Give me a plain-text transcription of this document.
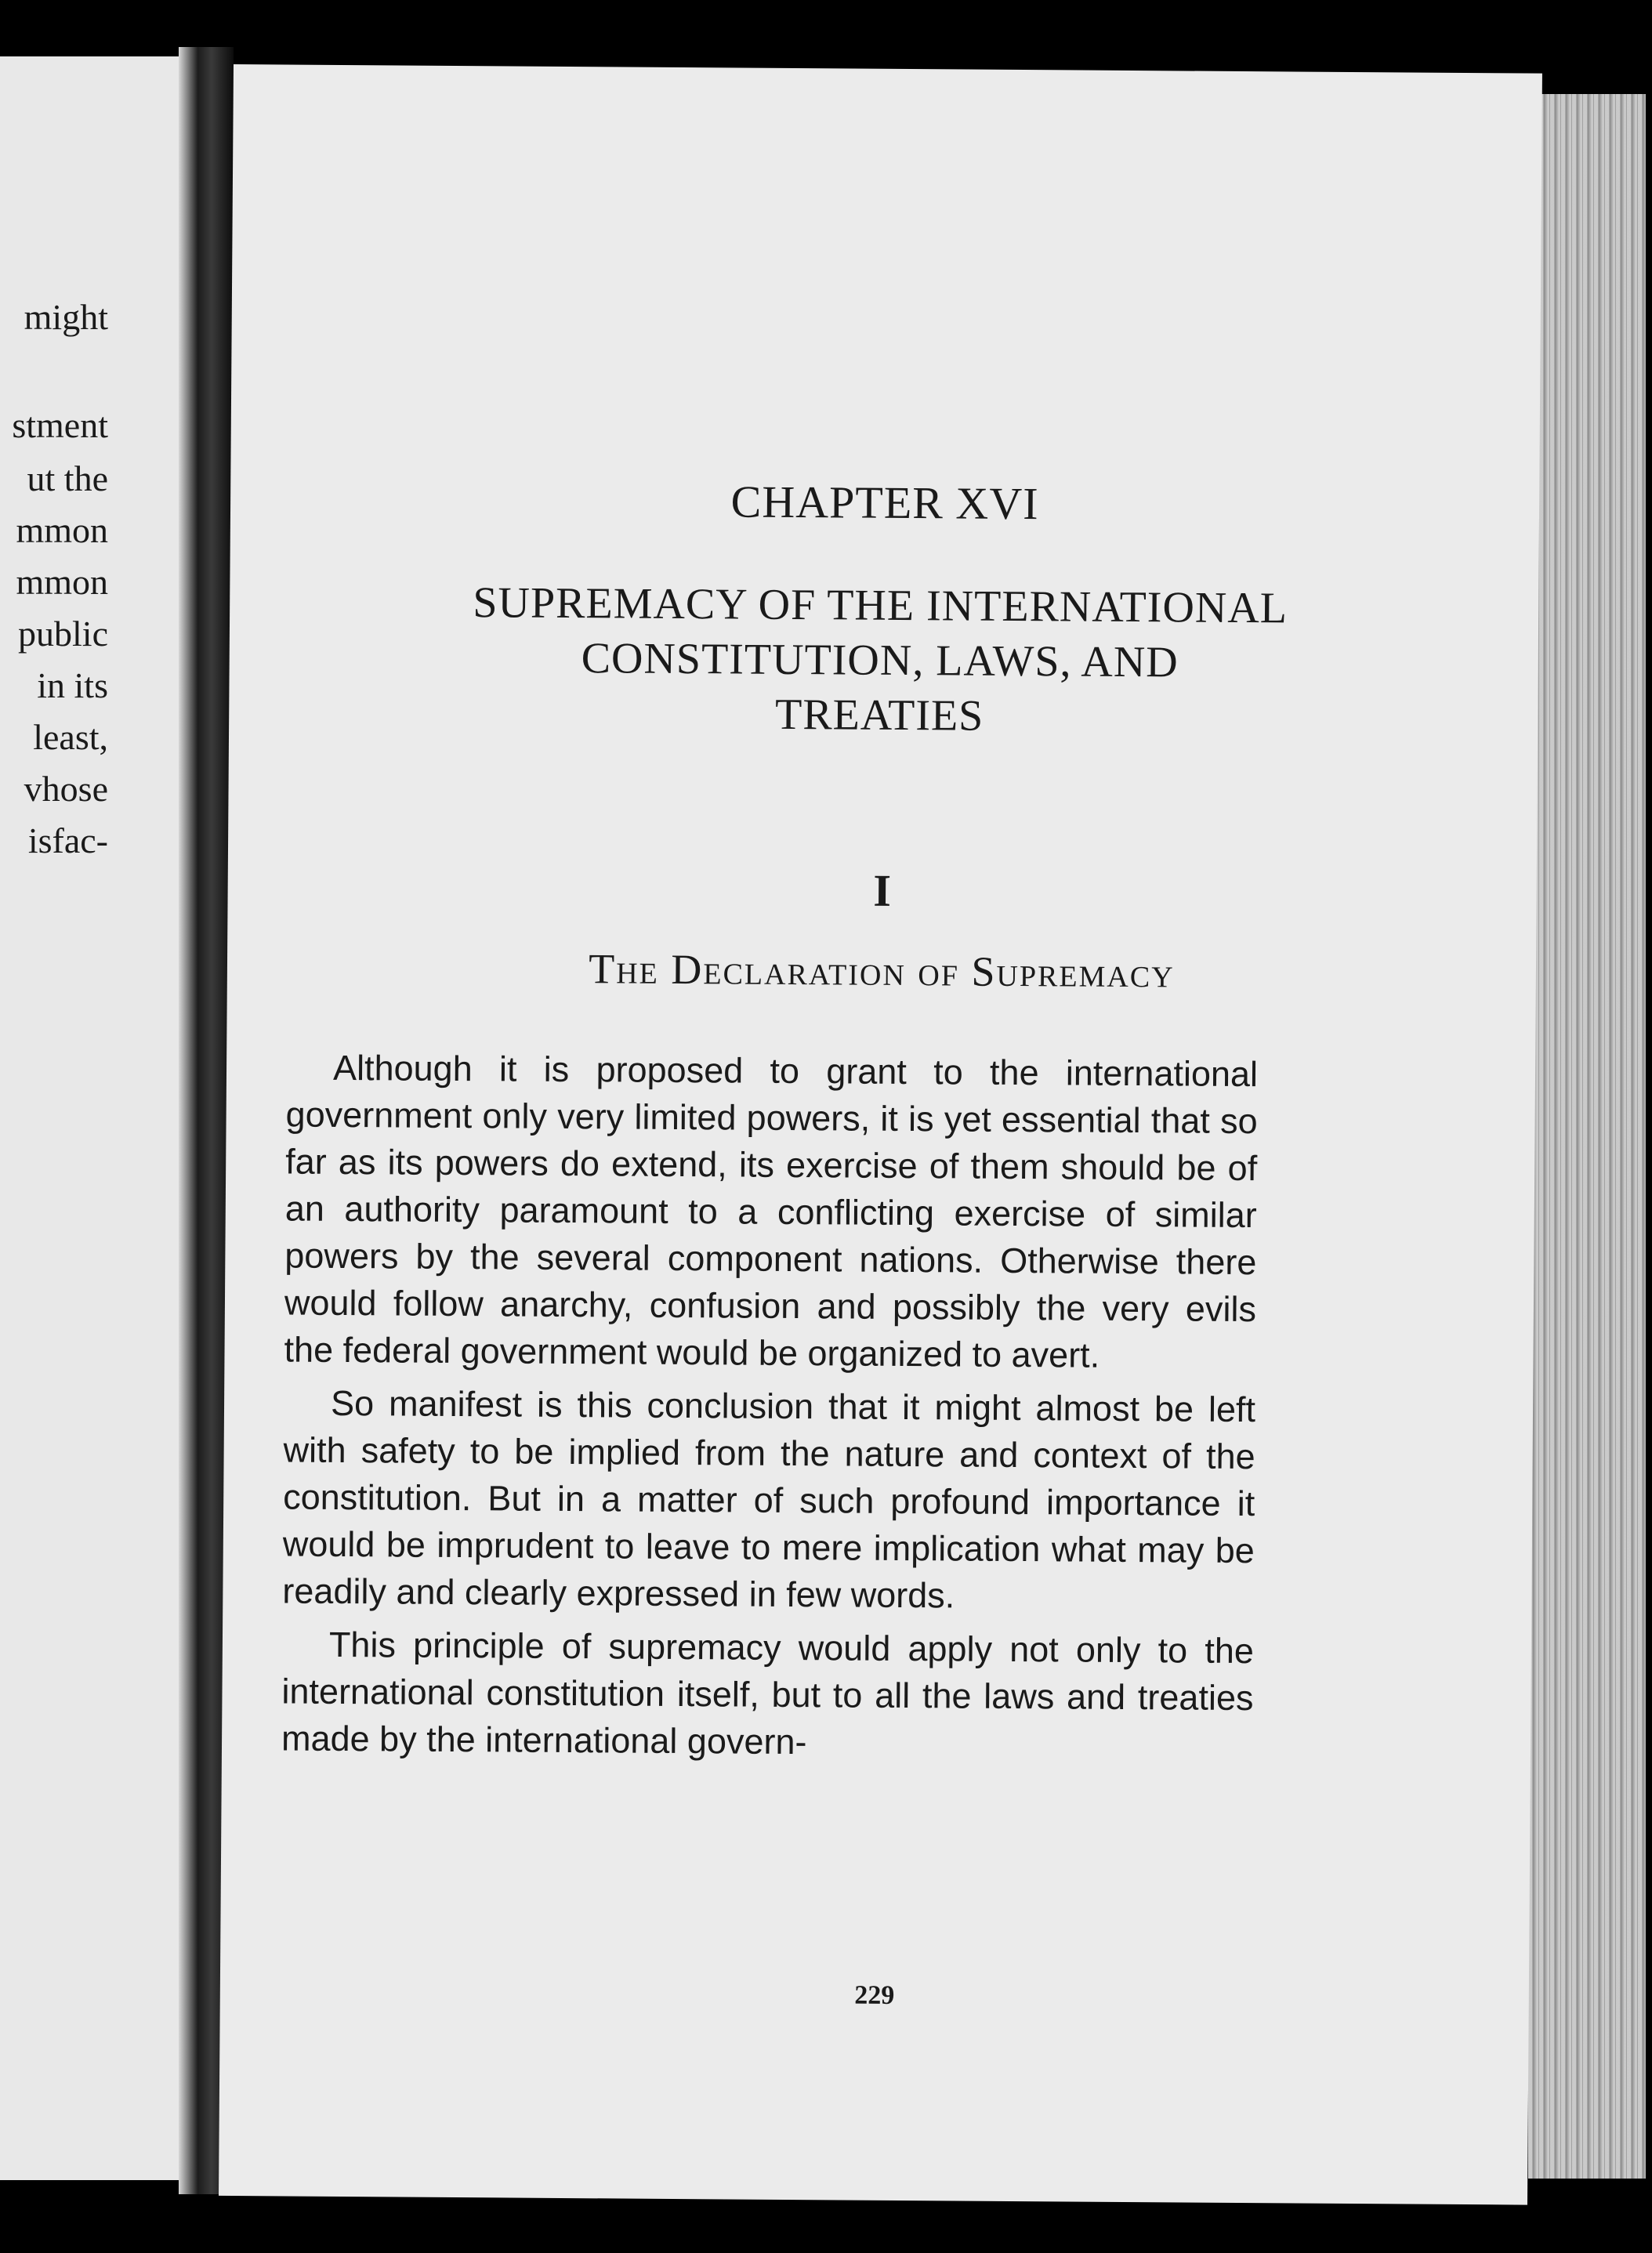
might
stment
ut the
mmon
mmon
public
in its
least,
vhose
isfac-
CHAPTER XVI
SUPREMACY OF THE INTERNATIONAL
CONSTITUTION, LAWS, AND
TREATIES
I
The Declaration of Supremacy

Although it is proposed to grant to the international government only very limited powers, it is yet essential that so far as its powers do extend, its exercise of them should be of an authority paramount to a conflicting exercise of similar powers by the several component nations. Otherwise there would follow anarchy, confusion and possibly the very evils the federal government would be organized to avert.

So manifest is this conclusion that it might almost be left with safety to be implied from the nature and context of the constitution. But in a matter of such profound importance it would be imprudent to leave to mere implication what may be readily and clearly expressed in few words.

This principle of supremacy would apply not only to the international constitution itself, but to all the laws and treaties made by the international govern-

229
